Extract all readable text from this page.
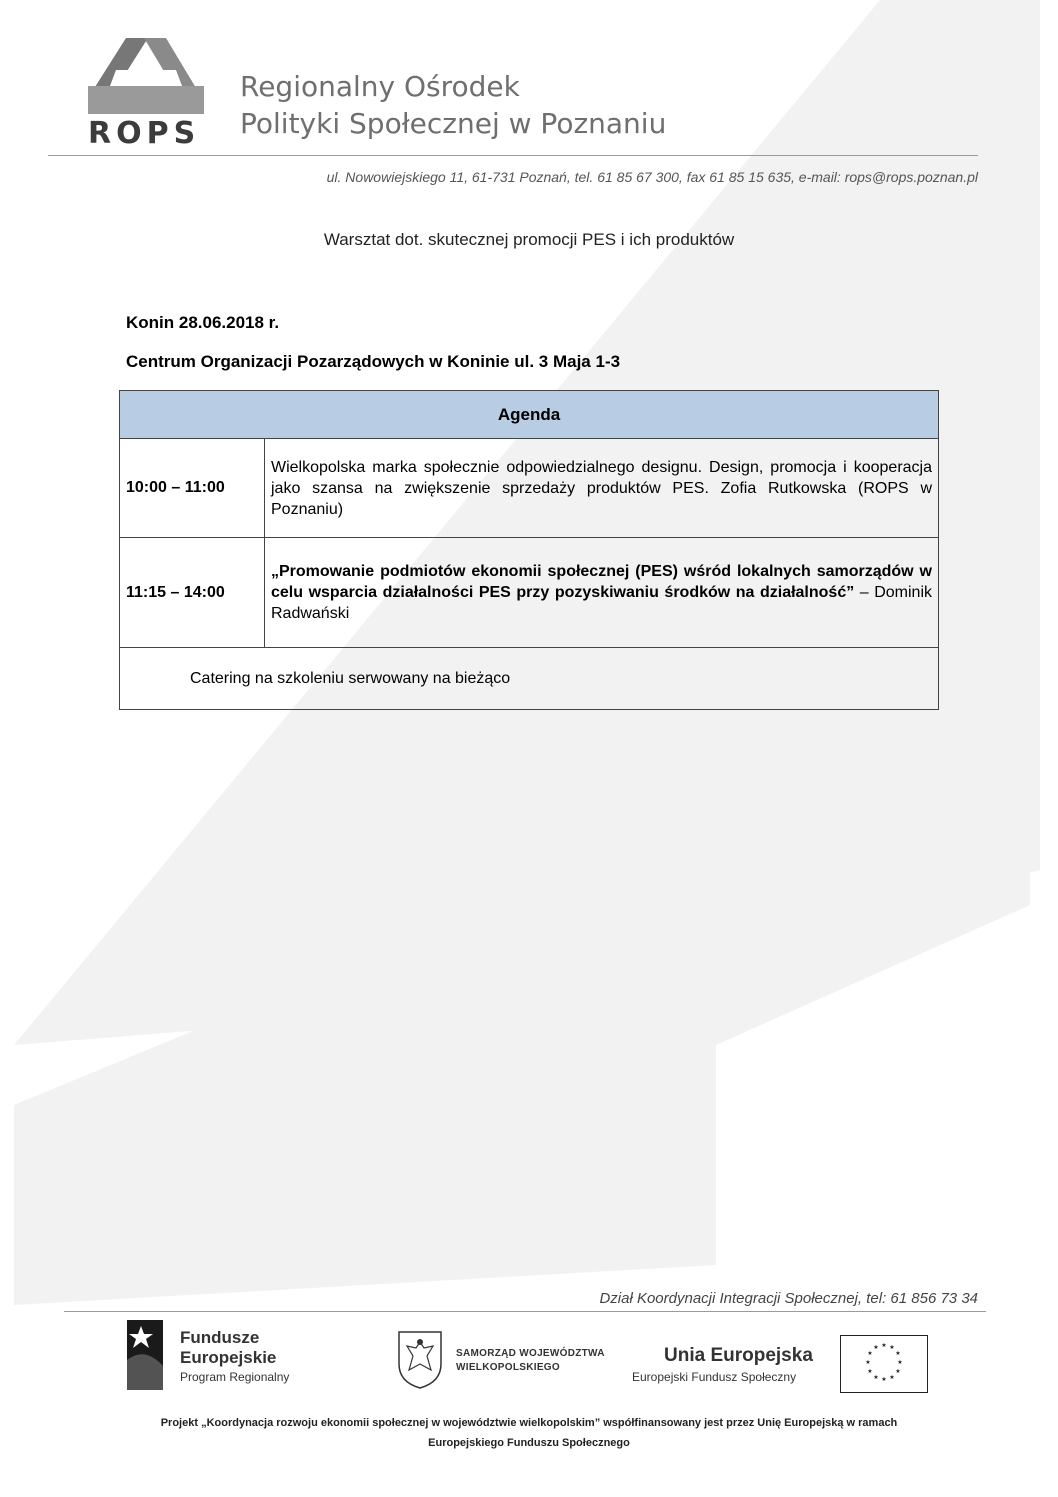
ROPS
Regionalny Ośrodek
Polityki Społecznej w Poznaniu
ul. Nowowiejskiego 11, 61-731 Poznań, tel. 61 85 67 300, fax 61 85 15 635, e-mail: rops@rops.poznan.pl
Warsztat dot. skutecznej promocji PES i ich produktów
Konin 28.06.2018 r.
Centrum Organizacji Pozarządowych w Koninie ul. 3 Maja 1-3
Agenda	
10:00 – 11:00	Wielkopolska marka społecznie odpowiedzialnego designu. Design, promocja i kooperacja jako szansa na zwiększenie sprzedaży produktów PES. Zofia Rutkowska (ROPS w Poznaniu)
11:15 – 14:00	„Promowanie podmiotów ekonomii społecznej (PES) wśród lokalnych samorządów w celu wsparcia działalności PES przy pozyskiwaniu środków na działalność” – Dominik Radwański
Catering na szkoleniu serwowany na bieżąco	
Dział Koordynacji Integracji Społecznej, tel: 61 856 73 34
Fundusze
Europejskie
Program Regionalny
SAMORZĄD WOJEWÓDZTWA
WIELKOPOLSKIEGO
Unia Europejska
Europejski Fundusz Społeczny
★ ★
★
★
★
★
★
★
★
★
★
★
Projekt „Koordynacja rozwoju ekonomii społecznej w województwie wielkopolskim” współfinansowany jest przez Unię Europejską w ramach
Europejskiego Funduszu Społecznego
